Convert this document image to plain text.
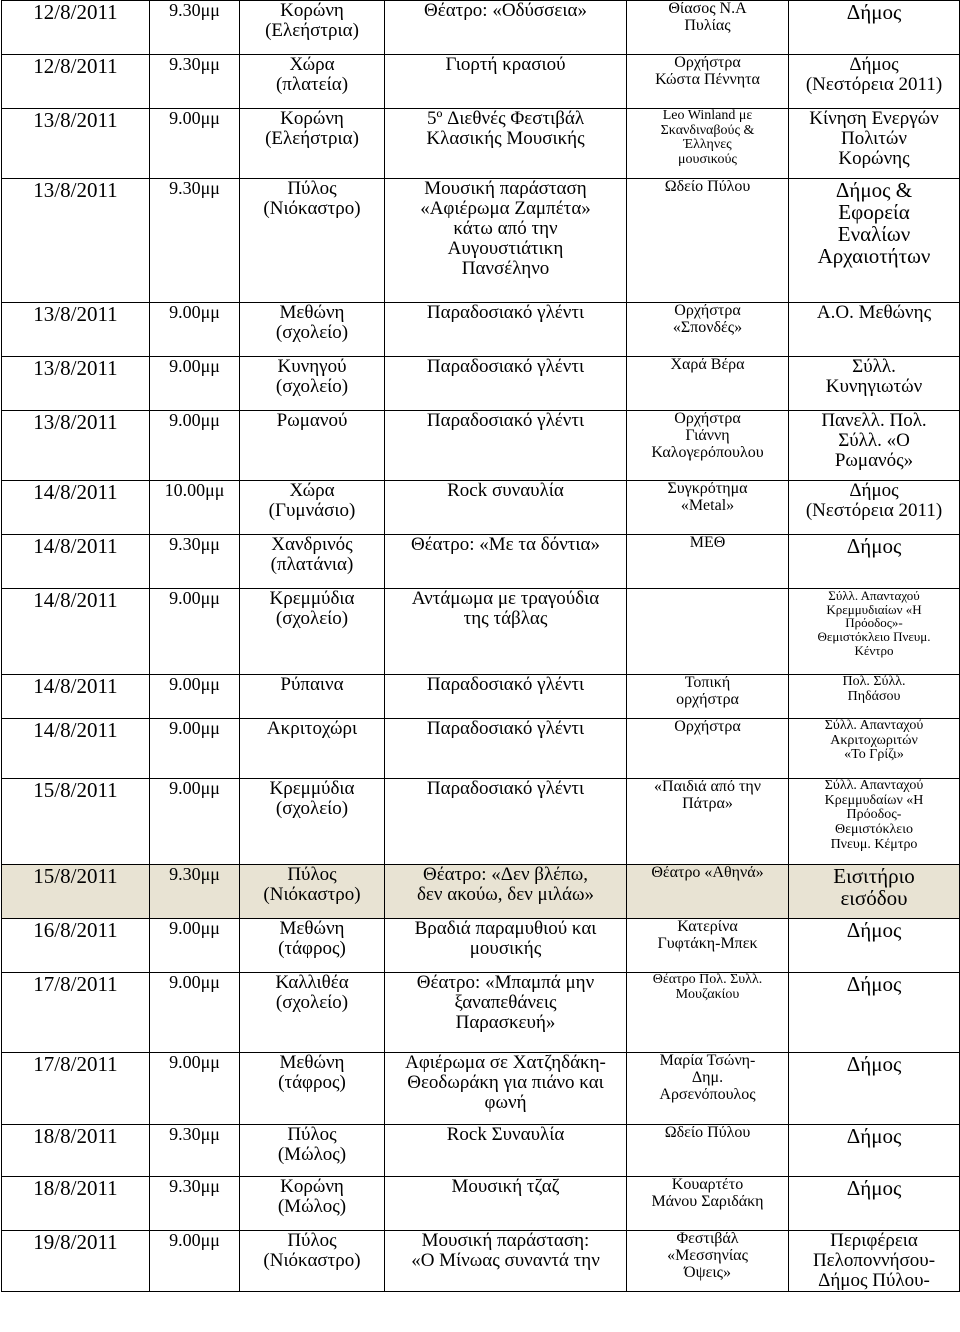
12/8/2011	9.30μμ	Κορώνη
(Ελεήστρια)	Θέατρο: «Οδύσσεια»	Θίασος Ν.Α
Πυλίας	Δήμος

12/8/2011	9.30μμ	Χώρα
(πλατεία)	Γιορτή κρασιού	Ορχήστρα
Κώστα Πέννητα	Δήμος
(Νεστόρεια 2011)

13/8/2011	9.00μμ	Κορώνη
(Ελεήστρια)	5º Διεθνές Φεστιβάλ
Κλασικής Μουσικής	Leo Winland με
Σκανδιναβούς &
Έλληνες
μουσικούς	Κίνηση Ενεργών
Πολιτών
Κορώνης

13/8/2011	9.30μμ	Πύλος
(Νιόκαστρο)	Μουσική παράσταση
«Αφιέρωμα Ζαμπέτα»
κάτω από την
Αυγουστιάτικη
Πανσέληνο	Ωδείο Πύλου	Δήμος &
Εφορεία
Εναλίων
Αρχαιοτήτων

13/8/2011	9.00μμ	Μεθώνη
(σχολείο)	Παραδοσιακό γλέντι	Ορχήστρα
«Σπονδές»	Α.Ο. Μεθώνης

13/8/2011	9.00μμ	Κυνηγού
(σχολείο)	Παραδοσιακό γλέντι	Χαρά Βέρα	Σύλλ.
Κυνηγιωτών

13/8/2011	9.00μμ	Ρωμανού	Παραδοσιακό γλέντι	Ορχήστρα
Γιάννη
Καλογερόπουλου	Πανελλ. Πολ.
Σύλλ. «Ο
Ρωμανός»

14/8/2011	10.00μμ	Χώρα
(Γυμνάσιο)	Rock συναυλία	Συγκρότημα
«Metal»	Δήμος
(Νεστόρεια 2011)

14/8/2011	9.30μμ	Χανδρινός
(πλατάνια)	Θέατρο: «Με τα δόντια»	ΜΕΘ	Δήμος

14/8/2011	9.00μμ	Κρεμμύδια
(σχολείο)	Αντάμωμα με τραγούδια
της τάβλας		Σύλλ. Απανταχού
Κρεμμυδιαίων «Η
Πρόοδος»-
Θεμιστόκλειο Πνευμ.
Κέντρο

14/8/2011	9.00μμ	Ρύπαινα	Παραδοσιακό γλέντι	Τοπική
ορχήστρα	Πολ. Σύλλ.
Πηδάσου

14/8/2011	9.00μμ	Ακριτοχώρι	Παραδοσιακό γλέντι	Ορχήστρα	Σύλλ. Απανταχού
Ακριτοχωριτών
«Το Γρίζι»

15/8/2011	9.00μμ	Κρεμμύδια
(σχολείο)	Παραδοσιακό γλέντι	«Παιδιά από την
Πάτρα»	Σύλλ. Απανταχού
Κρεμμυδαίων «Η
Πρόοδος-
Θεμιστόκλειο
Πνευμ. Κέμτρο

15/8/2011	9.30μμ	Πύλος
(Νιόκαστρο)	Θέατρο: «Δεν βλέπω,
δεν ακούω, δεν μιλάω»	Θέατρο «Αθηνά»	Εισιτήριο
εισόδου

16/8/2011	9.00μμ	Μεθώνη
(τάφρος)	Βραδιά παραμυθιού και
μουσικής	Κατερίνα
Γυφτάκη-Μπεκ	Δήμος

17/8/2011	9.00μμ	Καλλιθέα
(σχολείο)	Θέατρο: «Μπαμπά μην
ξαναπεθάνεις
Παρασκευή»	Θέατρο Πολ. Συλλ.
Μουζακίου	Δήμος

17/8/2011	9.00μμ	Μεθώνη
(τάφρος)	Αφιέρωμα σε Χατζηδάκη-
Θεοδωράκη για πιάνο και
φωνή	Μαρία Τσώνη-
Δημ.
Αρσενόπουλος	Δήμος

18/8/2011	9.30μμ	Πύλος
(Μώλος)	Rock Συναυλία	Ωδείο Πύλου	Δήμος

18/8/2011	9.30μμ	Κορώνη
(Μώλος)	Μουσική τζαζ	Κουαρτέτο
Μάνου Σαριδάκη	Δήμος

19/8/2011	9.00μμ	Πύλος
(Νιόκαστρο)	Μουσική παράσταση:
«Ο Μίνωας συναντά την	Φεστιβάλ
«Μεσσηνίας
Όψεις»	Περιφέρεια
Πελοποννήσου-
Δήμος Πύλου-
